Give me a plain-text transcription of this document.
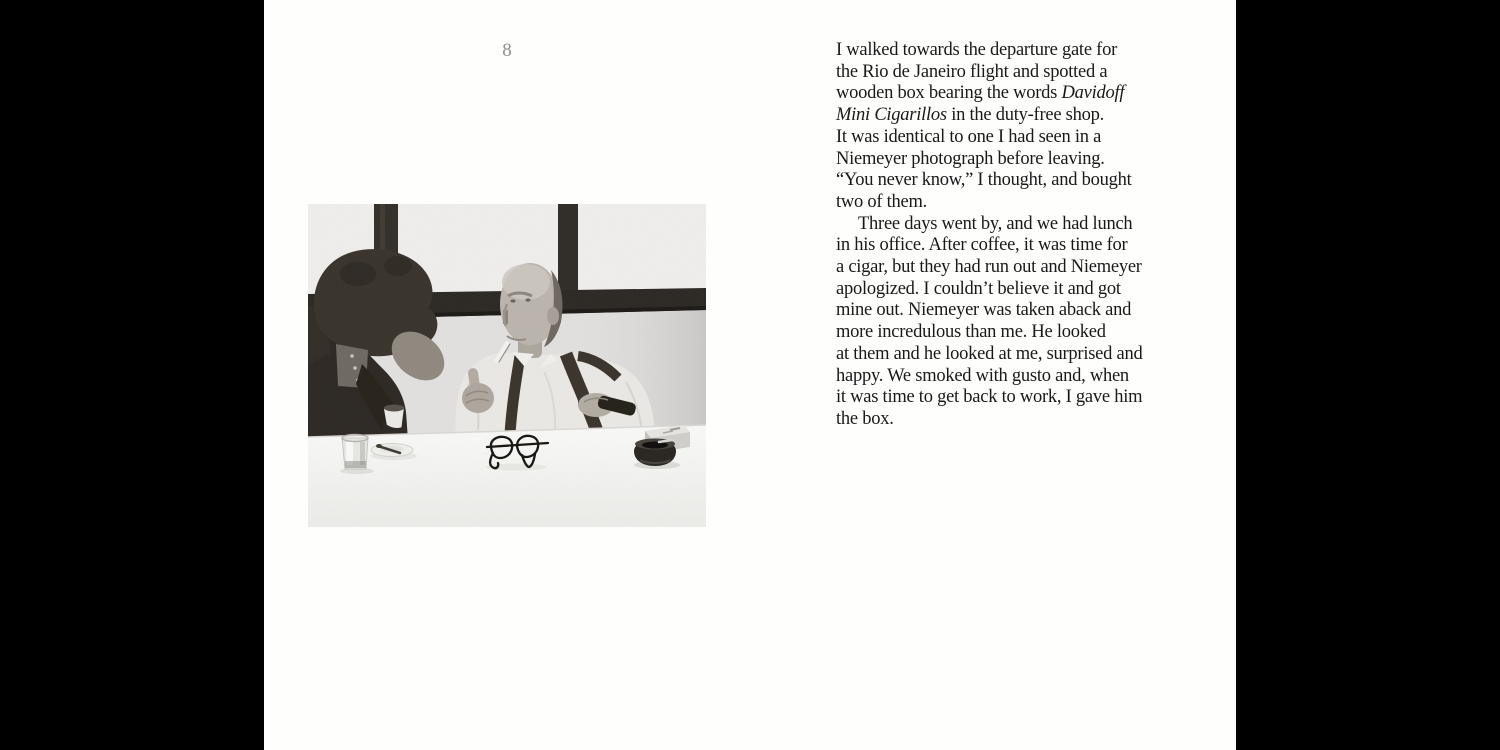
8	I walked towards the departure gate for
the Rio de Janeiro flight and spotted a
wooden box bearing the words Davidoff
Mini Cigarillos in the duty-free shop.
It was identical to one I had seen in a
Niemeyer photograph before leaving.
“You never know,” I thought, and bought
two of them.
Three days went by, and we had lunch
in his office. After coffee, it was time for
a cigar, but they had run out and Niemeyer
apologized. I couldn’t believe it and got
mine out. Niemeyer was taken aback and
more incredulous than me. He looked
at them and he looked at me, surprised and
happy. We smoked with gusto and, when
it was time to get back to work, I gave him
the box.
